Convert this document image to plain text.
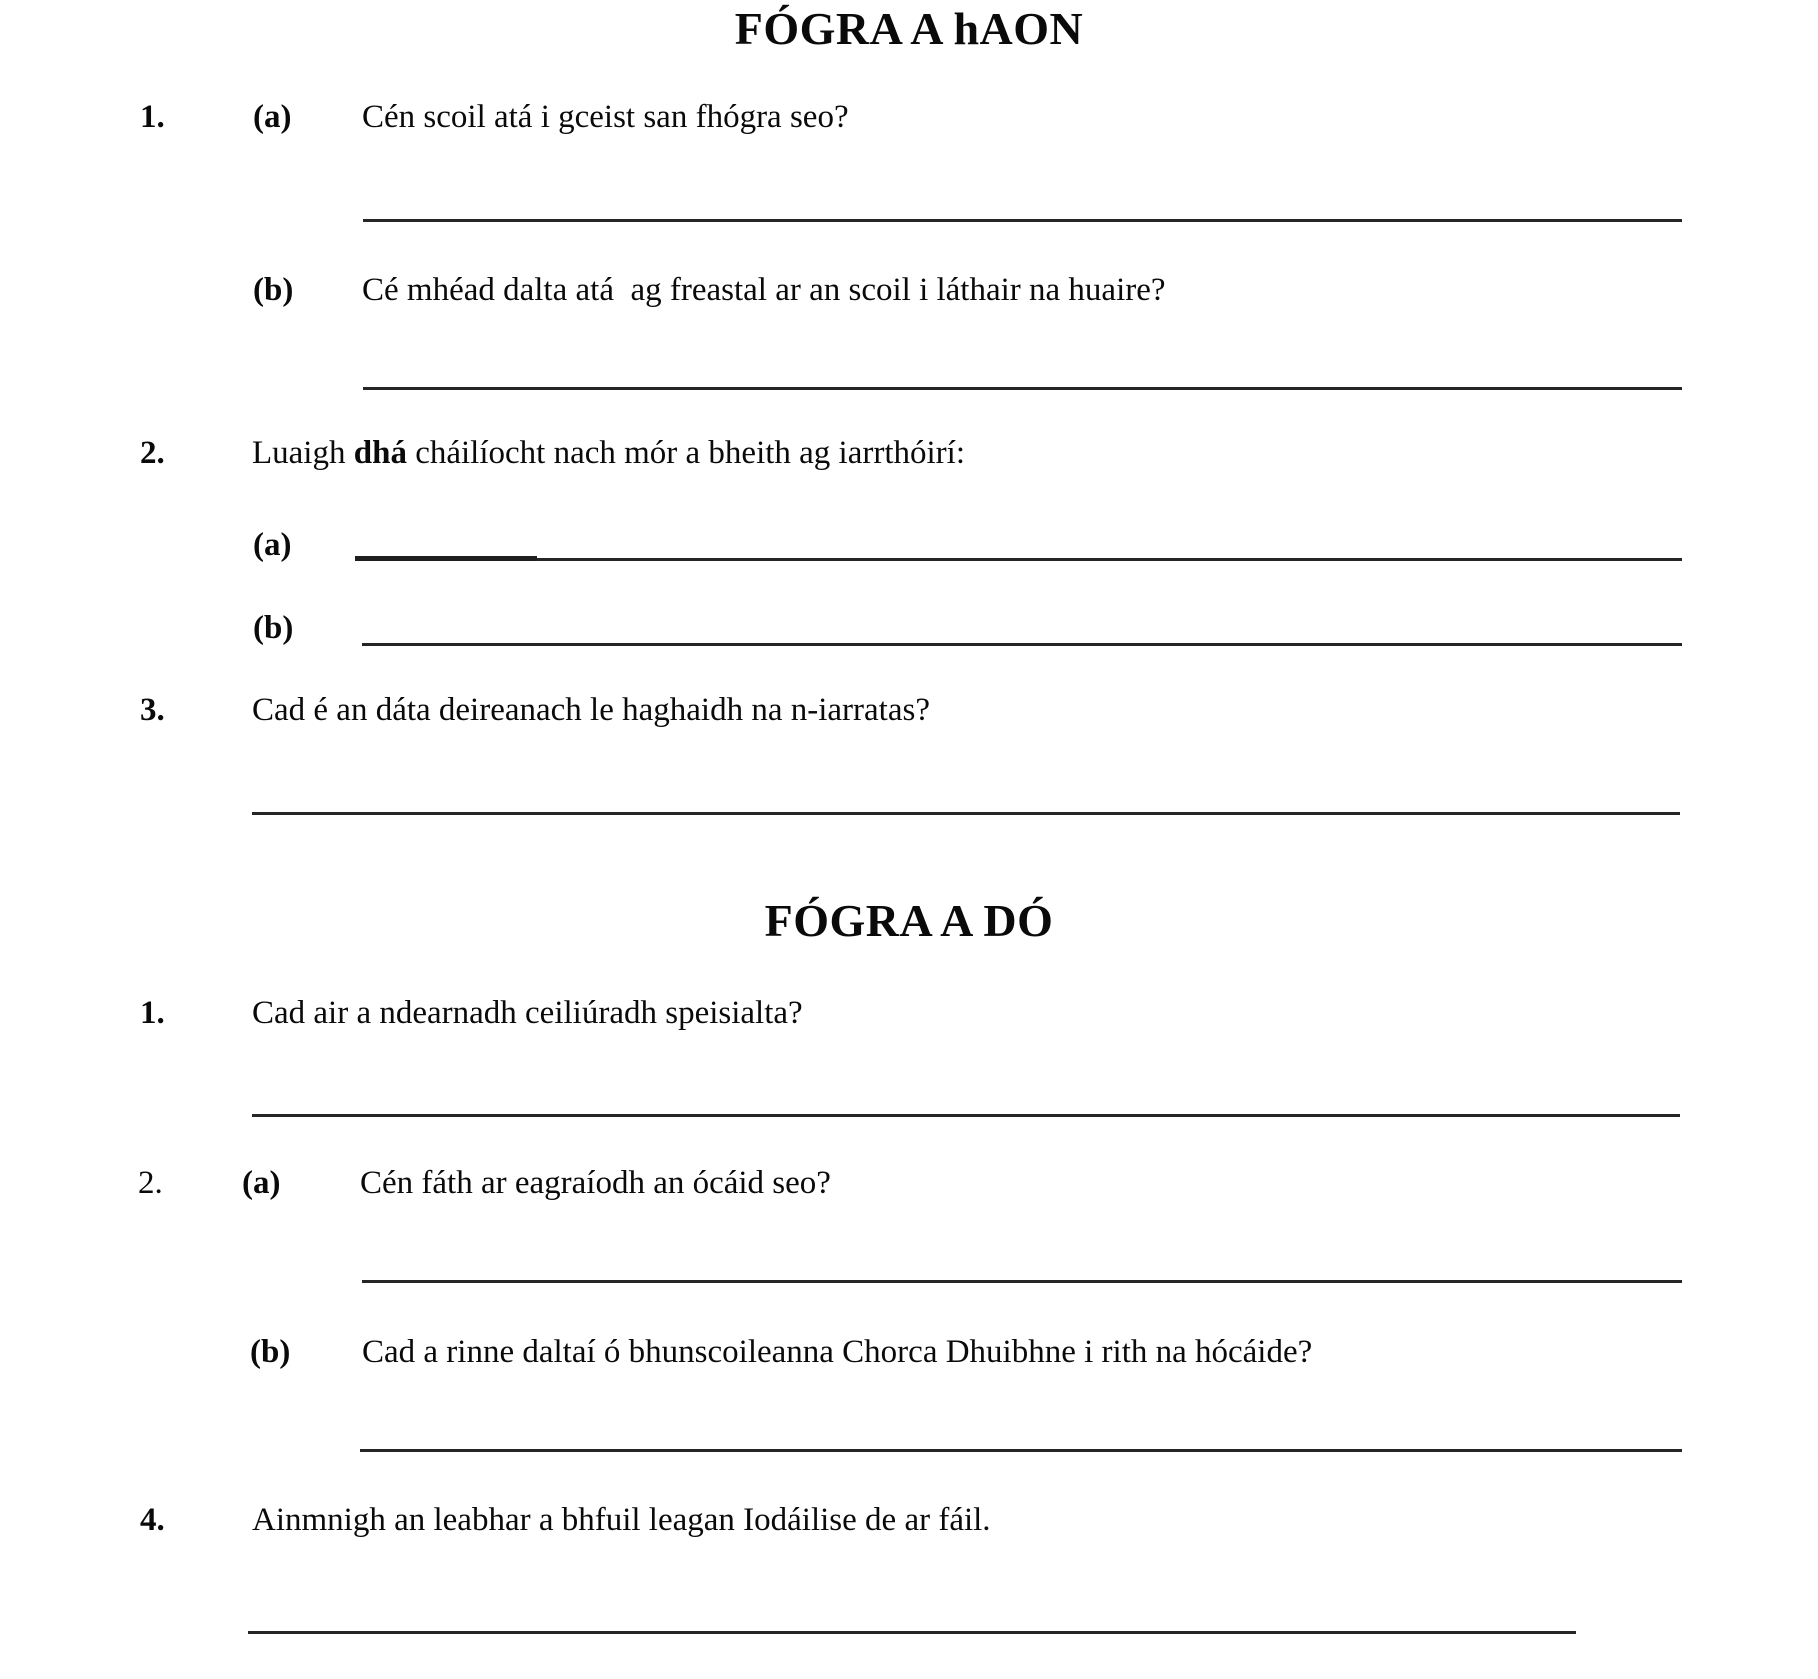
FÓGRA A hAON
1.	(a) Cén scoil atá i gceist san fhógra seo?
(b) Cé mhéad dalta atá  ag freastal ar an scoil i láthair na huaire?
2.	Luaigh dhá cháilíocht nach mór a bheith ag iarrthóirí:
(a)
(b)
3.	Cad é an dáta deireanach le haghaidh na n-iarratas?
FÓGRA A DÓ
1.	Cad air a ndearnadh ceiliúradh speisialta?
2. (a) Cén fáth ar eagraíodh an ócáid seo?
(b) Cad a rinne daltaí ó bhunscoileanna Chorca Dhuibhne i rith na hócáide?
4.	Ainmnigh an leabhar a bhfuil leagan Iodáilise de ar fáil.
